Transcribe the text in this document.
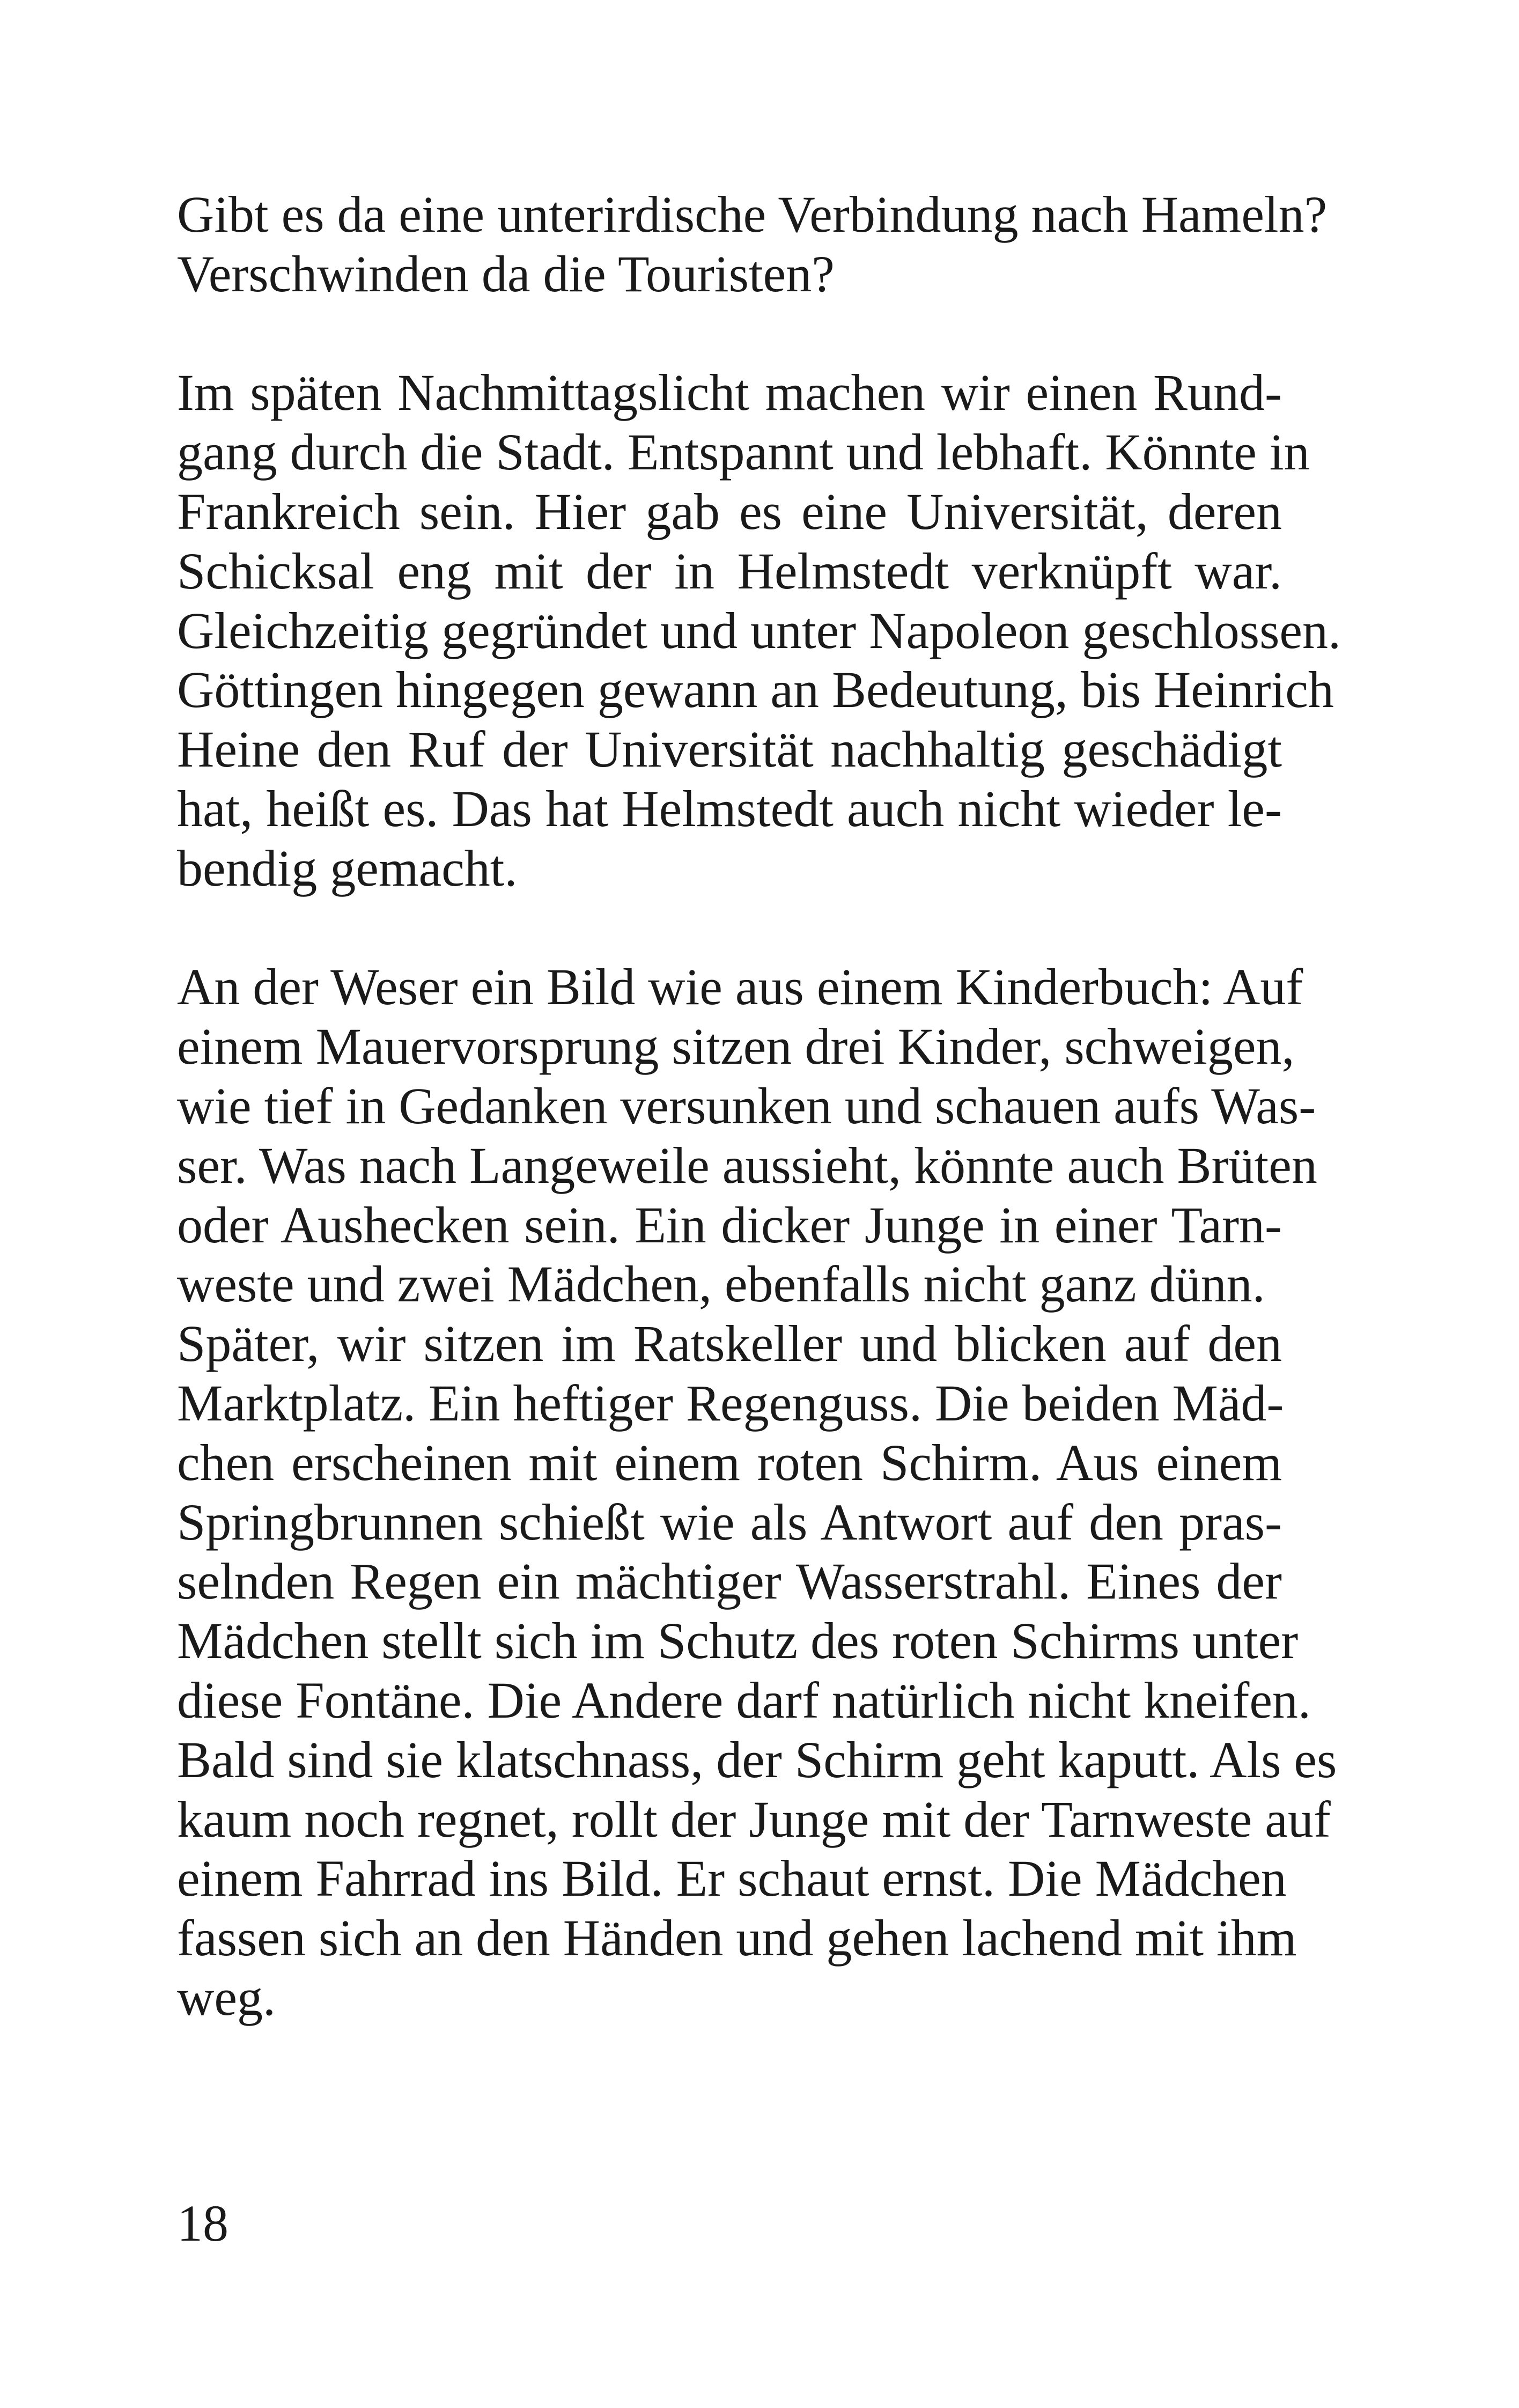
Gibt es da eine unterirdische Verbindung nach Hameln?
Verschwinden da die Touristen?
Im späten Nachmittagslicht machen wir einen Rund-
gang durch die Stadt. Entspannt und lebhaft. Könnte in
Frankreich sein. Hier gab es eine Universität, deren
Schicksal eng mit der in Helmstedt verknüpft war.
Gleichzeitig gegründet und unter Napoleon geschlossen.
Göttingen hingegen gewann an Bedeutung, bis Heinrich
Heine den Ruf der Universität nachhaltig geschädigt
hat, heißt es. Das hat Helmstedt auch nicht wieder le-
bendig gemacht.
An der Weser ein Bild wie aus einem Kinderbuch: Auf
einem Mauervorsprung sitzen drei Kinder, schweigen,
wie tief in Gedanken versunken und schauen aufs Was-
ser. Was nach Langeweile aussieht, könnte auch Brüten
oder Aushecken sein. Ein dicker Junge in einer Tarn-
weste und zwei Mädchen, ebenfalls nicht ganz dünn.
Später, wir sitzen im Ratskeller und blicken auf den
Marktplatz. Ein heftiger Regenguss. Die beiden Mäd-
chen erscheinen mit einem roten Schirm. Aus einem
Springbrunnen schießt wie als Antwort auf den pras-
selnden Regen ein mächtiger Wasserstrahl. Eines der
Mädchen stellt sich im Schutz des roten Schirms unter
diese Fontäne. Die Andere darf natürlich nicht kneifen.
Bald sind sie klatschnass, der Schirm geht kaputt. Als es
kaum noch regnet, rollt der Junge mit der Tarnweste auf
einem Fahrrad ins Bild. Er schaut ernst. Die Mädchen
fassen sich an den Händen und gehen lachend mit ihm
weg.
18
